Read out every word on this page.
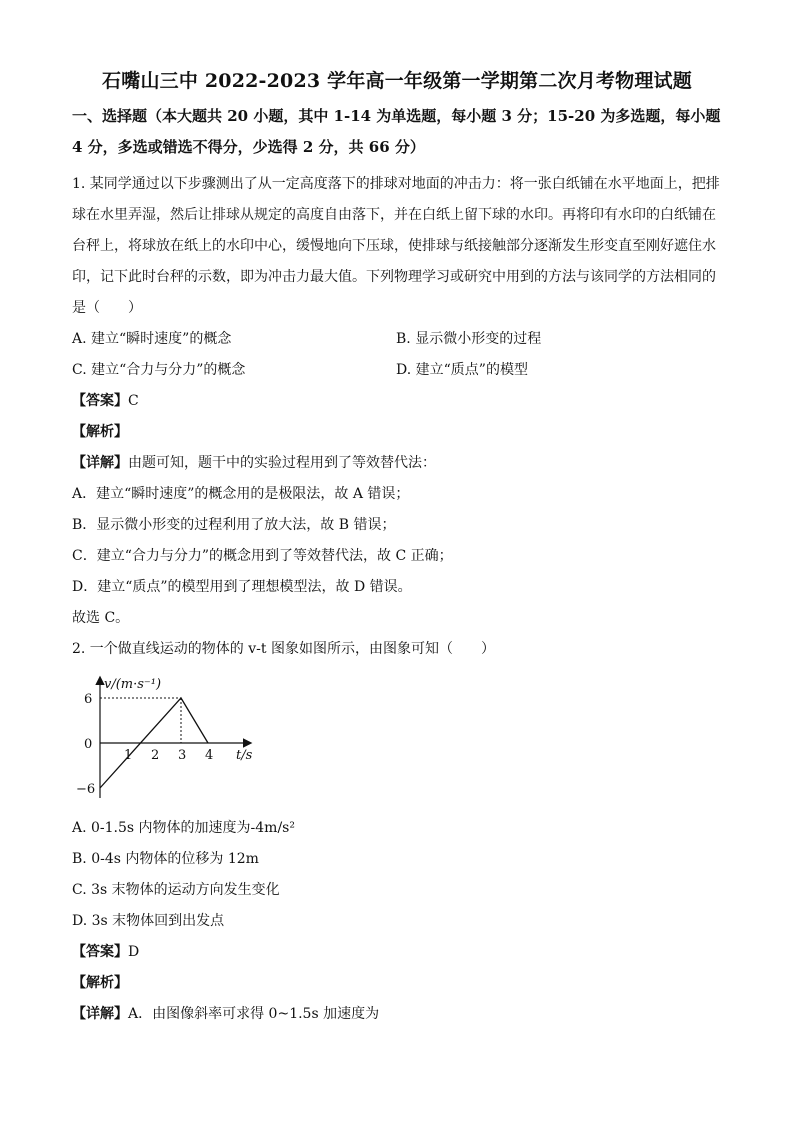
石嘴山三中 2022-2023 学年高一年级第一学期第二次月考物理试题
一、选择题（本大题共 20 小题，其中 1-14 为单选题，每小题 3 分；15-20 为多选题，每小题
4 分，多选或错选不得分，少选得 2 分，共 66 分）
1. 某同学通过以下步骤测出了从一定高度落下的排球对地面的冲击力：将一张白纸铺在水平地面上，把排
球在水里弄湿，然后让排球从规定的高度自由落下，并在白纸上留下球的水印。再将印有水印的白纸铺在
台秤上，将球放在纸上的水印中心，缓慢地向下压球，使排球与纸接触部分逐渐发生形变直至刚好遮住水
印，记下此时台秤的示数，即为冲击力最大值。下列物理学习或研究中用到的方法与该同学的方法相同的
是（　　）
A. 建立“瞬时速度”的概念	B. 显示微小形变的过程
C. 建立“合力与分力”的概念	D. 建立“质点”的模型
【答案】C
【解析】
【详解】由题可知，题干中的实验过程用到了等效替代法：
A．建立“瞬时速度”的概念用的是极限法，故 A 错误；
B．显示微小形变的过程利用了放大法，故 B 错误；
C．建立“合力与分力”的概念用到了等效替代法，故 C 正确；
D．建立“质点”的模型用到了理想模型法，故 D 错误。
故选 C。
2. 一个做直线运动的物体的 v-t 图象如图所示，由图象可知（　　）
v/(m·s⁻¹)
t/s
6
0
−6
1 2 3 4
A. 0-1.5s 内物体的加速度为-4m/s²
B. 0-4s 内物体的位移为 12m
C. 3s 末物体的运动方向发生变化
D. 3s 末物体回到出发点
【答案】D
【解析】
【详解】A．由图像斜率可求得 0~1.5s 加速度为
